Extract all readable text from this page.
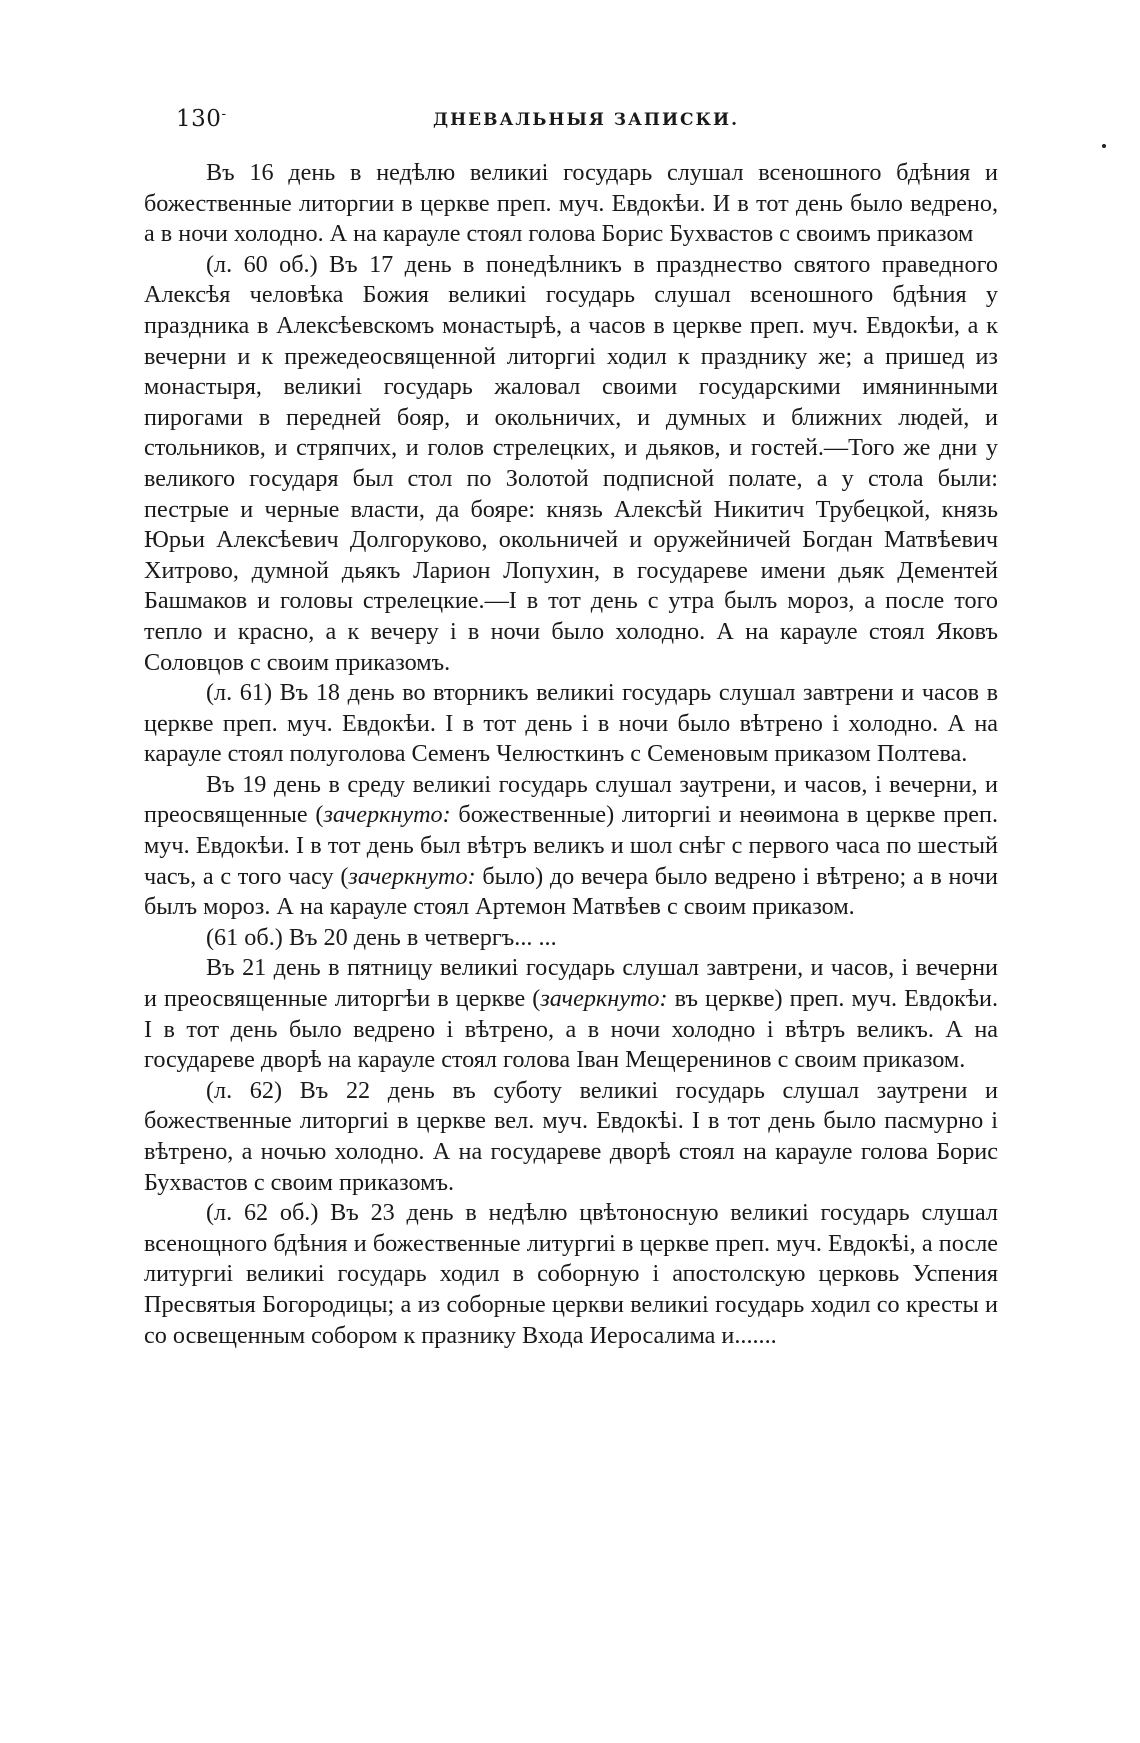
130-	ДНЕВАЛЬНЫЯ ЗАПИСКИ.

Въ 16 день в недѣлю великиі государь слушал всеношного бдѣния и божественные литоргии в церкве преп. муч. Евдокѣи. И в тот день было ведрено, а в ночи холодно. А на карауле стоял голова Борис Бухвастов с своимъ приказом

(л. 60 об.) Въ 17 день в понедѣлникъ в празднество святого праведного Алексѣя человѣка Божия великиі государь слушал всеношного бдѣния у праздника в Алексѣевскомъ монастырѣ, а часов в церкве преп. муч. Евдокѣи, а к вечерни и к прежедеосвященной литоргиі ходил к празднику же; а пришед из монастыря, великиі государь жаловал своими государскими имянинными пирогами в передней бояр, и окольничих, и думных и ближних людей, и стольников, и стряпчих, и голов стрелецких, и дьяков, и гостей.—Того же дни у великого государя был стол по Золотой подписной полате, а у стола были: пестрые и черные власти, да бояре: князь Алексѣй Никитич Трубецкой, князь Юрьи Алексѣевич Долгоруково, окольничей и оружейничей Богдан Матвѣевич Хитрово, думной дьякъ Ларион Лопухин, в государеве имени дьяк Дементей Башмаков и головы стрелецкие.—І в тот день с утра былъ мороз, а после того тепло и красно, а к вечеру і в ночи было холодно. А на карауле стоял Яковъ Соловцов с своим приказомъ.

(л. 61) Въ 18 день во вторникъ великиі государь слушал завтрени и часов в церкве преп. муч. Евдокѣи. І в тот день і в ночи было вѣтрено і холодно. А на карауле стоял полуголова Семенъ Челюсткинъ с Семеновым приказом Полтева.

Въ 19 день в среду великиі государь слушал заутрени, и часов, і вечерни, и преосвященные (зачеркнуто: божественные) литоргиі и неѳимона в церкве преп. муч. Евдокѣи. І в тот день был вѣтръ великъ и шол снѣг с первого часа по шестый часъ, а с того часу (зачеркнуто: было) до вечера было ведрено і вѣтрено; а в ночи былъ мороз. А на карауле стоял Артемон Матвѣев с своим приказом.

(61 об.) Въ 20 день в четвергъ... ...

Въ 21 день в пятницу великиі государь слушал завтрени, и часов, і вечерни и преосвященные литоргѣи в церкве (зачеркнуто: въ церкве) преп. муч. Евдокѣи. І в тот день было ведрено і вѣтрено, а в ночи холодно і вѣтръ великъ. А на государеве дворѣ на карауле стоял голова Іван Мещеренинов с своим приказом.

(л. 62) Въ 22 день въ суботу великиі государь слушал заутрени и божественные литоргиі в церкве вел. муч. Евдокѣі. І в тот день было пасмурно і вѣтрено, а ночью холодно. А на государеве дворѣ стоял на карауле голова Борис Бухвастов с своим приказомъ.

(л. 62 об.) Въ 23 день в недѣлю цвѣтоносную великиі государь слушал всенощного бдѣния и божественные литургиі в церкве преп. муч. Евдокѣі, а после литургиі великиі государь ходил в соборную і апостолскую церковь Успения Пресвятыя Богородицы; а из соборные церкви великиі государь ходил со кресты и со освещенным собором к празнику Входа Иеросалима и.......
